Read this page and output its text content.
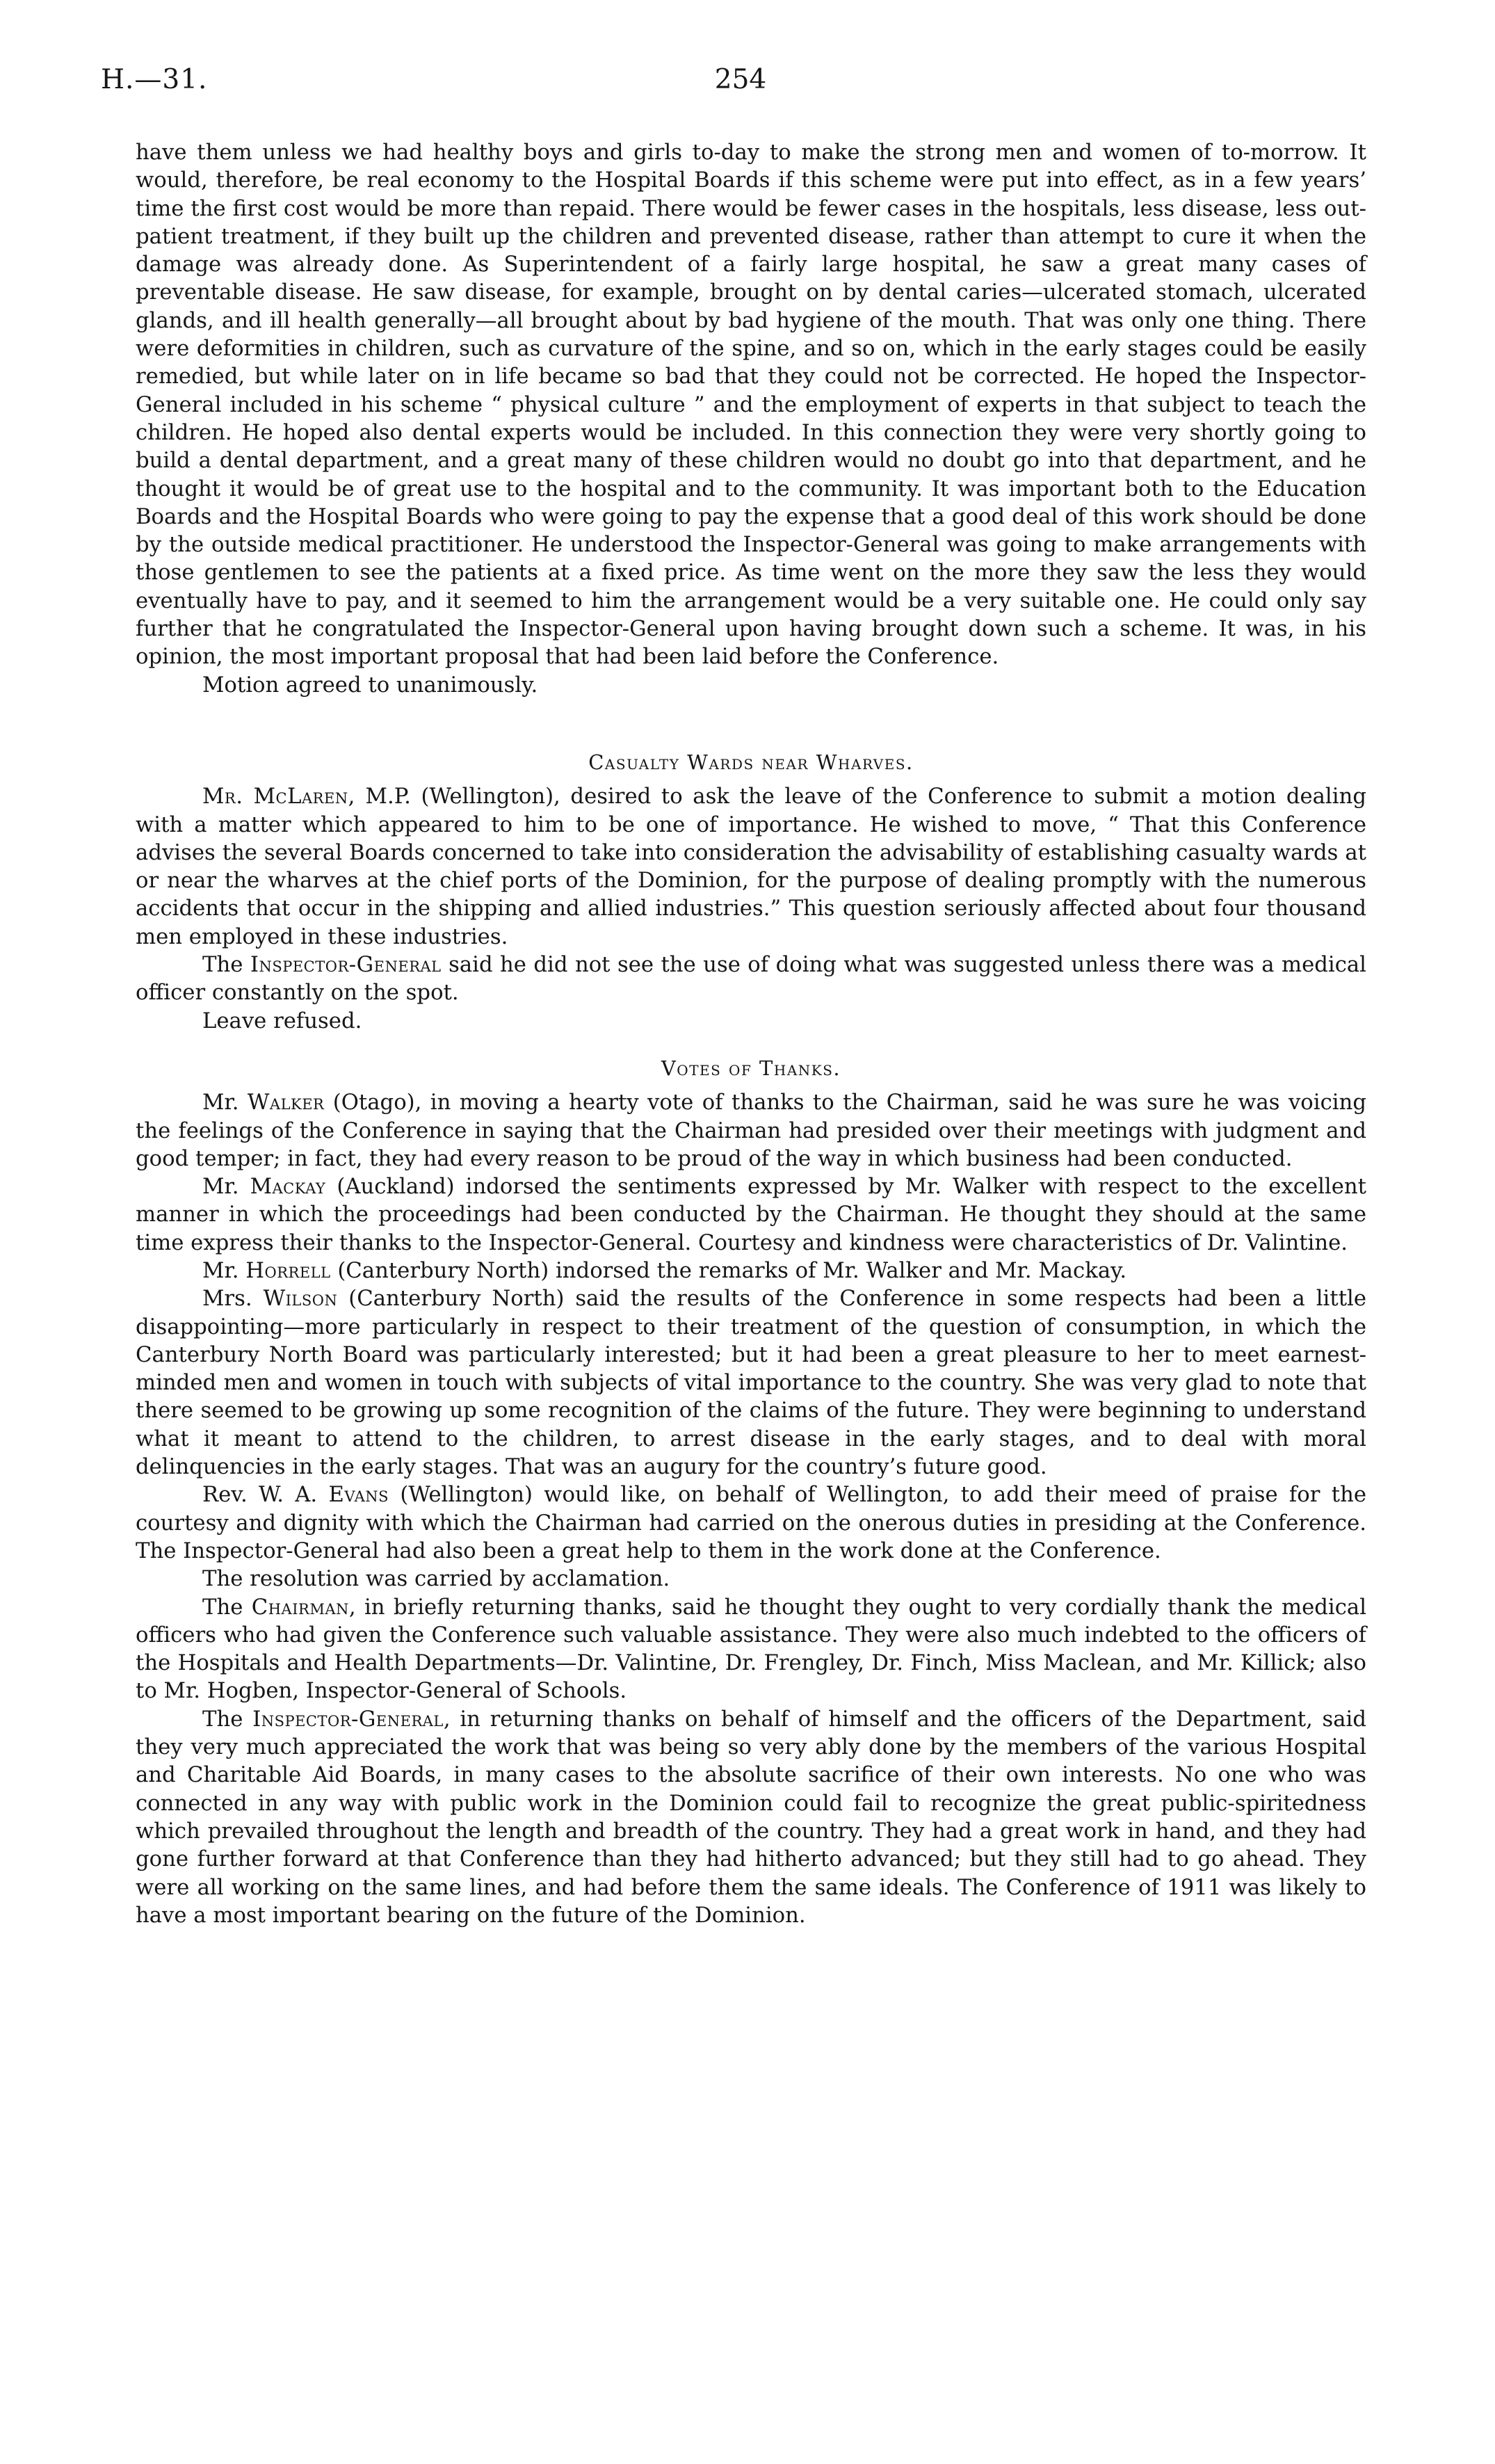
H.—31.	254

have them unless we had healthy boys and girls to-day to make the strong men and women of to-morrow. It would, therefore, be real economy to the Hospital Boards if this scheme were put into effect, as in a few years’ time the first cost would be more than repaid. There would be fewer cases in the hospitals, less disease, less out-patient treatment, if they built up the children and prevented disease, rather than attempt to cure it when the damage was already done. As Superintendent of a fairly large hospital, he saw a great many cases of preventable disease. He saw disease, for example, brought on by dental caries—ulcerated stomach, ulcerated glands, and ill health generally—all brought about by bad hygiene of the mouth. That was only one thing. There were deformities in children, such as curvature of the spine, and so on, which in the early stages could be easily remedied, but while later on in life became so bad that they could not be corrected. He hoped the Inspector-General included in his scheme “ physical culture ” and the employment of experts in that subject to teach the children. He hoped also dental experts would be included. In this connection they were very shortly going to build a dental department, and a great many of these children would no doubt go into that department, and he thought it would be of great use to the hospital and to the community. It was important both to the Education Boards and the Hospital Boards who were going to pay the expense that a good deal of this work should be done by the outside medical practitioner. He understood the Inspector-General was going to make arrangements with those gentlemen to see the patients at a fixed price. As time went on the more they saw the less they would eventually have to pay, and it seemed to him the arrangement would be a very suitable one. He could only say further that he congratulated the Inspector-General upon having brought down such a scheme. It was, in his opinion, the most important proposal that had been laid before the Conference.

Motion agreed to unanimously.

Casualty Wards near Wharves.

Mr. McLaren, M.P. (Wellington), desired to ask the leave of the Conference to submit a motion dealing with a matter which appeared to him to be one of importance. He wished to move, “ That this Conference advises the several Boards concerned to take into consideration the advisability of establishing casualty wards at or near the wharves at the chief ports of the Dominion, for the purpose of dealing promptly with the numerous accidents that occur in the shipping and allied industries.” This question seriously affected about four thousand men employed in these industries.

The Inspector-General said he did not see the use of doing what was suggested unless there was a medical officer constantly on the spot.

Leave refused.

Votes of Thanks.

Mr. Walker (Otago), in moving a hearty vote of thanks to the Chairman, said he was sure he was voicing the feelings of the Conference in saying that the Chairman had presided over their meetings with judgment and good temper; in fact, they had every reason to be proud of the way in which business had been conducted.

Mr. Mackay (Auckland) indorsed the sentiments expressed by Mr. Walker with respect to the excellent manner in which the proceedings had been conducted by the Chairman. He thought they should at the same time express their thanks to the Inspector-General. Courtesy and kindness were characteristics of Dr. Valintine.

Mr. Horrell (Canterbury North) indorsed the remarks of Mr. Walker and Mr. Mackay.

Mrs. Wilson (Canterbury North) said the results of the Conference in some respects had been a little disappointing—more particularly in respect to their treatment of the question of consumption, in which the Canterbury North Board was particularly interested; but it had been a great pleasure to her to meet earnest-minded men and women in touch with subjects of vital importance to the country. She was very glad to note that there seemed to be growing up some recognition of the claims of the future. They were beginning to understand what it meant to attend to the children, to arrest disease in the early stages, and to deal with moral delinquencies in the early stages. That was an augury for the country’s future good.

Rev. W. A. Evans (Wellington) would like, on behalf of Wellington, to add their meed of praise for the courtesy and dignity with which the Chairman had carried on the onerous duties in presiding at the Conference. The Inspector-General had also been a great help to them in the work done at the Conference.

The resolution was carried by acclamation.

The Chairman, in briefly returning thanks, said he thought they ought to very cordially thank the medical officers who had given the Conference such valuable assistance. They were also much indebted to the officers of the Hospitals and Health Departments—Dr. Valintine, Dr. Frengley, Dr. Finch, Miss Maclean, and Mr. Killick; also to Mr. Hogben, Inspector-General of Schools.

The Inspector-General, in returning thanks on behalf of himself and the officers of the Department, said they very much appreciated the work that was being so very ably done by the members of the various Hospital and Charitable Aid Boards, in many cases to the absolute sacrifice of their own interests. No one who was connected in any way with public work in the Dominion could fail to recognize the great public-spiritedness which prevailed throughout the length and breadth of the country. They had a great work in hand, and they had gone further forward at that Conference than they had hitherto advanced; but they still had to go ahead. They were all working on the same lines, and had before them the same ideals. The Conference of 1911 was likely to have a most important bearing on the future of the Dominion.
